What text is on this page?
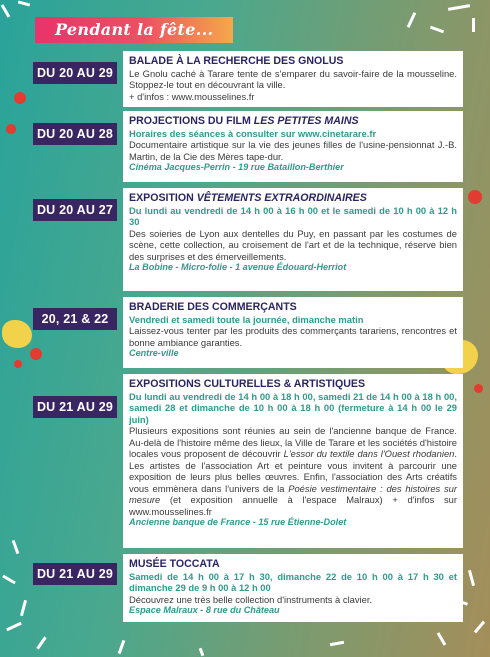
Pendant la fête...
DU 20 AU 29
BALADE À LA RECHERCHE DES GNOLUS
Le Gnolu caché à Tarare tente de s'emparer du savoir-faire de la mousseline. Stoppez-le tout en découvrant la ville.
+ d'infos : www.mousselines.fr
DU 20 AU 28
PROJECTIONS DU FILM LES PETITES MAINS
Horaires des séances à consulter sur www.cinetarare.fr
Documentaire artistique sur la vie des jeunes filles de l'usine-pensionnat J.-B. Martin, de la Cie des Mères tape-dur.
Cinéma Jacques-Perrin - 19 rue Bataillon-Berthier
DU 20 AU 27
EXPOSITION VÊTEMENTS EXTRAORDINAIRES
Du lundi au vendredi de 14 h 00 à 16 h 00 et le samedi de 10 h 00 à 12 h 30
Des soieries de Lyon aux dentelles du Puy, en passant par les costumes de scène, cette collection, au croisement de l'art et de la technique, réserve bien des surprises et des émerveillements.
La Bobine - Micro-folie - 1 avenue Édouard-Herriot
20, 21 & 22
BRADERIE DES COMMERÇANTS
Vendredi et samedi toute la journée, dimanche matin
Laissez-vous tenter par les produits des commerçants tarariens, rencontres et bonne ambiance garanties.
Centre-ville
DU 21 AU 29
EXPOSITIONS CULTURELLES & ARTISTIQUES
Du lundi au vendredi de 14 h 00 à 18 h 00, samedi 21 de 14 h 00 à 18 h 00, samedi 28 et dimanche de 10 h 00 à 18 h 00 (fermeture à 14 h 00 le 29 juin)
Plusieurs expositions sont réunies au sein de l'ancienne banque de France. Au-delà de l'histoire même des lieux, la Ville de Tarare et les sociétés d'histoire locales vous proposent de découvrir L'essor du textile dans l'Ouest rhodanien. Les artistes de l'association Art et peinture vous invitent à parcourir une exposition de leurs plus belles œuvres. Enfin, l'association des Arts créatifs vous emmènera dans l'univers de la Poésie vestimentaire : des histoires sur mesure (et exposition annuelle à l'espace Malraux) + d'infos sur www.mousselines.fr
Ancienne banque de France - 15 rue Étienne-Dolet
DU 21 AU 29
MUSÉE TOCCATA
Samedi de 14 h 00 à 17 h 30, dimanche 22 de 10 h 00 à 17 h 30 et dimanche 29 de 9 h 00 à 12 h 00
Découvrez une très belle collection d'instruments à clavier.
Espace Malraux - 8 rue du Château
